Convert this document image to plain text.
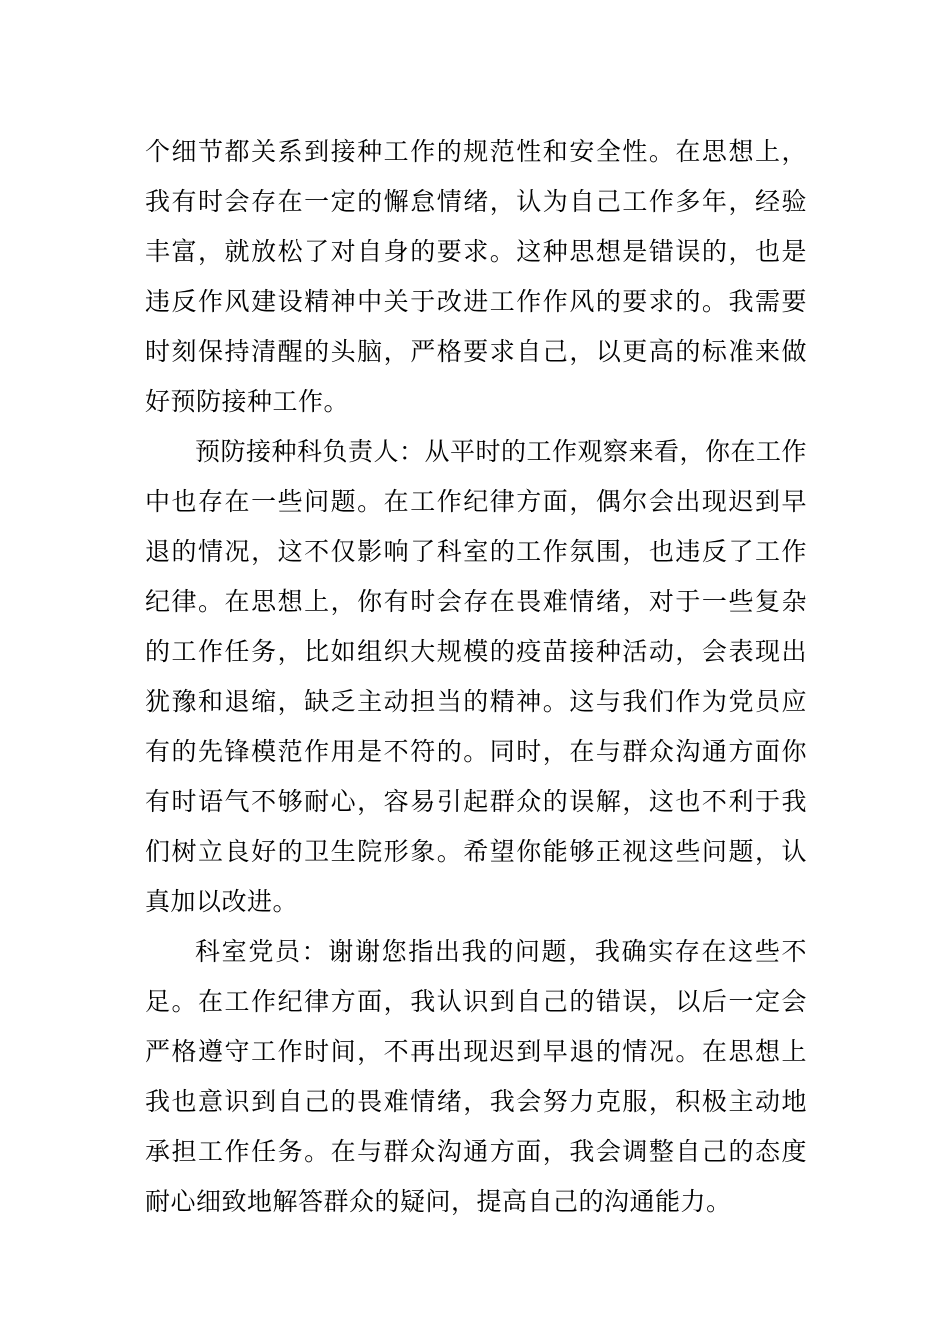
个细节都关系到接种工作的规范性和安全性。在思想上，我有时会存在一定的懈怠情绪，认为自己工作多年，经验丰富，就放松了对自身的要求。这种思想是错误的，也是违反作风建设精神中关于改进工作作风的要求的。我需要时刻保持清醒的头脑，严格要求自己，以更高的标准来做好预防接种工作。

预防接种科负责人：从平时的工作观察来看，你在工作中也存在一些问题。在工作纪律方面，偶尔会出现迟到早退的情况，这不仅影响了科室的工作氛围，也违反了工作纪律。在思想上，你有时会存在畏难情绪，对于一些复杂的工作任务，比如组织大规模的疫苗接种活动，会表现出犹豫和退缩，缺乏主动担当的精神。这与我们作为党员应有的先锋模范作用是不符的。同时，在与群众沟通方面你有时语气不够耐心，容易引起群众的误解，这也不利于我们树立良好的卫生院形象。希望你能够正视这些问题，认真加以改进。

科室党员：谢谢您指出我的问题，我确实存在这些不足。在工作纪律方面，我认识到自己的错误，以后一定会严格遵守工作时间，不再出现迟到早退的情况。在思想上我也意识到自己的畏难情绪，我会努力克服，积极主动地承担工作任务。在与群众沟通方面，我会调整自己的态度耐心细致地解答群众的疑问，提高自己的沟通能力。
